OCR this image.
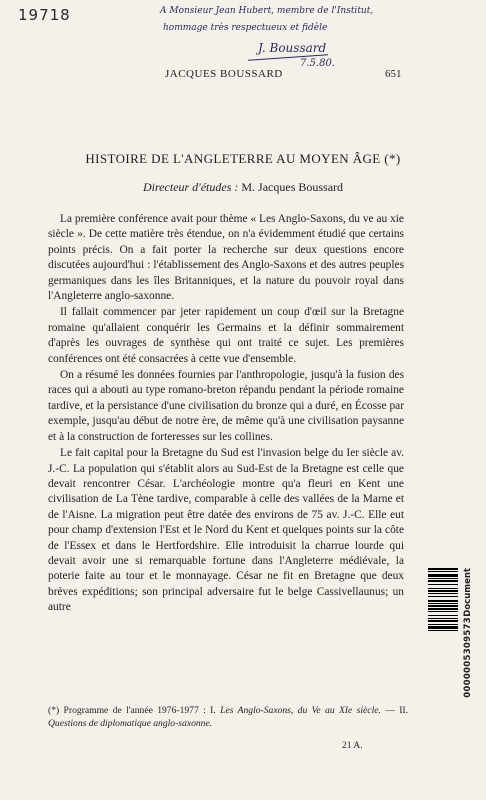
19718	A Monsieur Jean Hubert, membre de l'Institut,
hommage très respectueux et fidèle
J. Boussard
7.5.80.
JACQUES BOUSSARD	651
HISTOIRE DE L'ANGLETERRE AU MOYEN ÂGE (*)
Directeur d'études : M. Jacques Boussard

La première conférence avait pour thème « Les Anglo-Saxons, du ve au xie siècle ». De cette matière très étendue, on n'a évidemment étudié que certains points précis. On a fait porter la recherche sur deux questions encore discutées aujourd'hui : l'établissement des Anglo-Saxons et des autres peuples germaniques dans les îles Britanniques, et la nature du pouvoir royal dans l'Angleterre anglo-saxonne.

Il fallait commencer par jeter rapidement un coup d'œil sur la Bretagne romaine qu'allaient conquérir les Germains et la définir sommairement d'après les ouvrages de synthèse qui ont traité ce sujet. Les premières conférences ont été consacrées à cette vue d'ensemble.

On a résumé les données fournies par l'anthropologie, jusqu'à la fusion des races qui a abouti au type romano-breton répandu pendant la période romaine tardive, et la persistance d'une civilisation du bronze qui a duré, en Écosse par exemple, jusqu'au début de notre ère, de même qu'à une civilisation paysanne et à la construction de forteresses sur les collines.

Le fait capital pour la Bretagne du Sud est l'invasion belge du Ier siècle av. J.-C. La population qui s'établit alors au Sud-Est de la Bretagne est celle que devait rencontrer César. L'archéologie montre qu'a fleuri en Kent une civilisation de La Tène tardive, comparable à celle des vallées de la Marne et de l'Aisne. La migration peut être datée des environs de 75 av. J.-C. Elle eut pour champ d'extension l'Est et le Nord du Kent et quelques points sur la côte de l'Essex et dans le Hertfordshire. Elle introduisit la charrue lourde qui devait avoir une si remarquable fortune dans l'Angleterre médiévale, la poterie faite au tour et le monnayage. César ne fit en Bretagne que deux brèves expéditions; son principal adversaire fut le belge Cassivellaunus; un autre

(*) Programme de l'année 1976-1977 : I. Les Anglo-Saxons, du Ve au XIe siècle. — II. Questions de diplomatique anglo-saxonne.
21 A.
Document
0000005309573
